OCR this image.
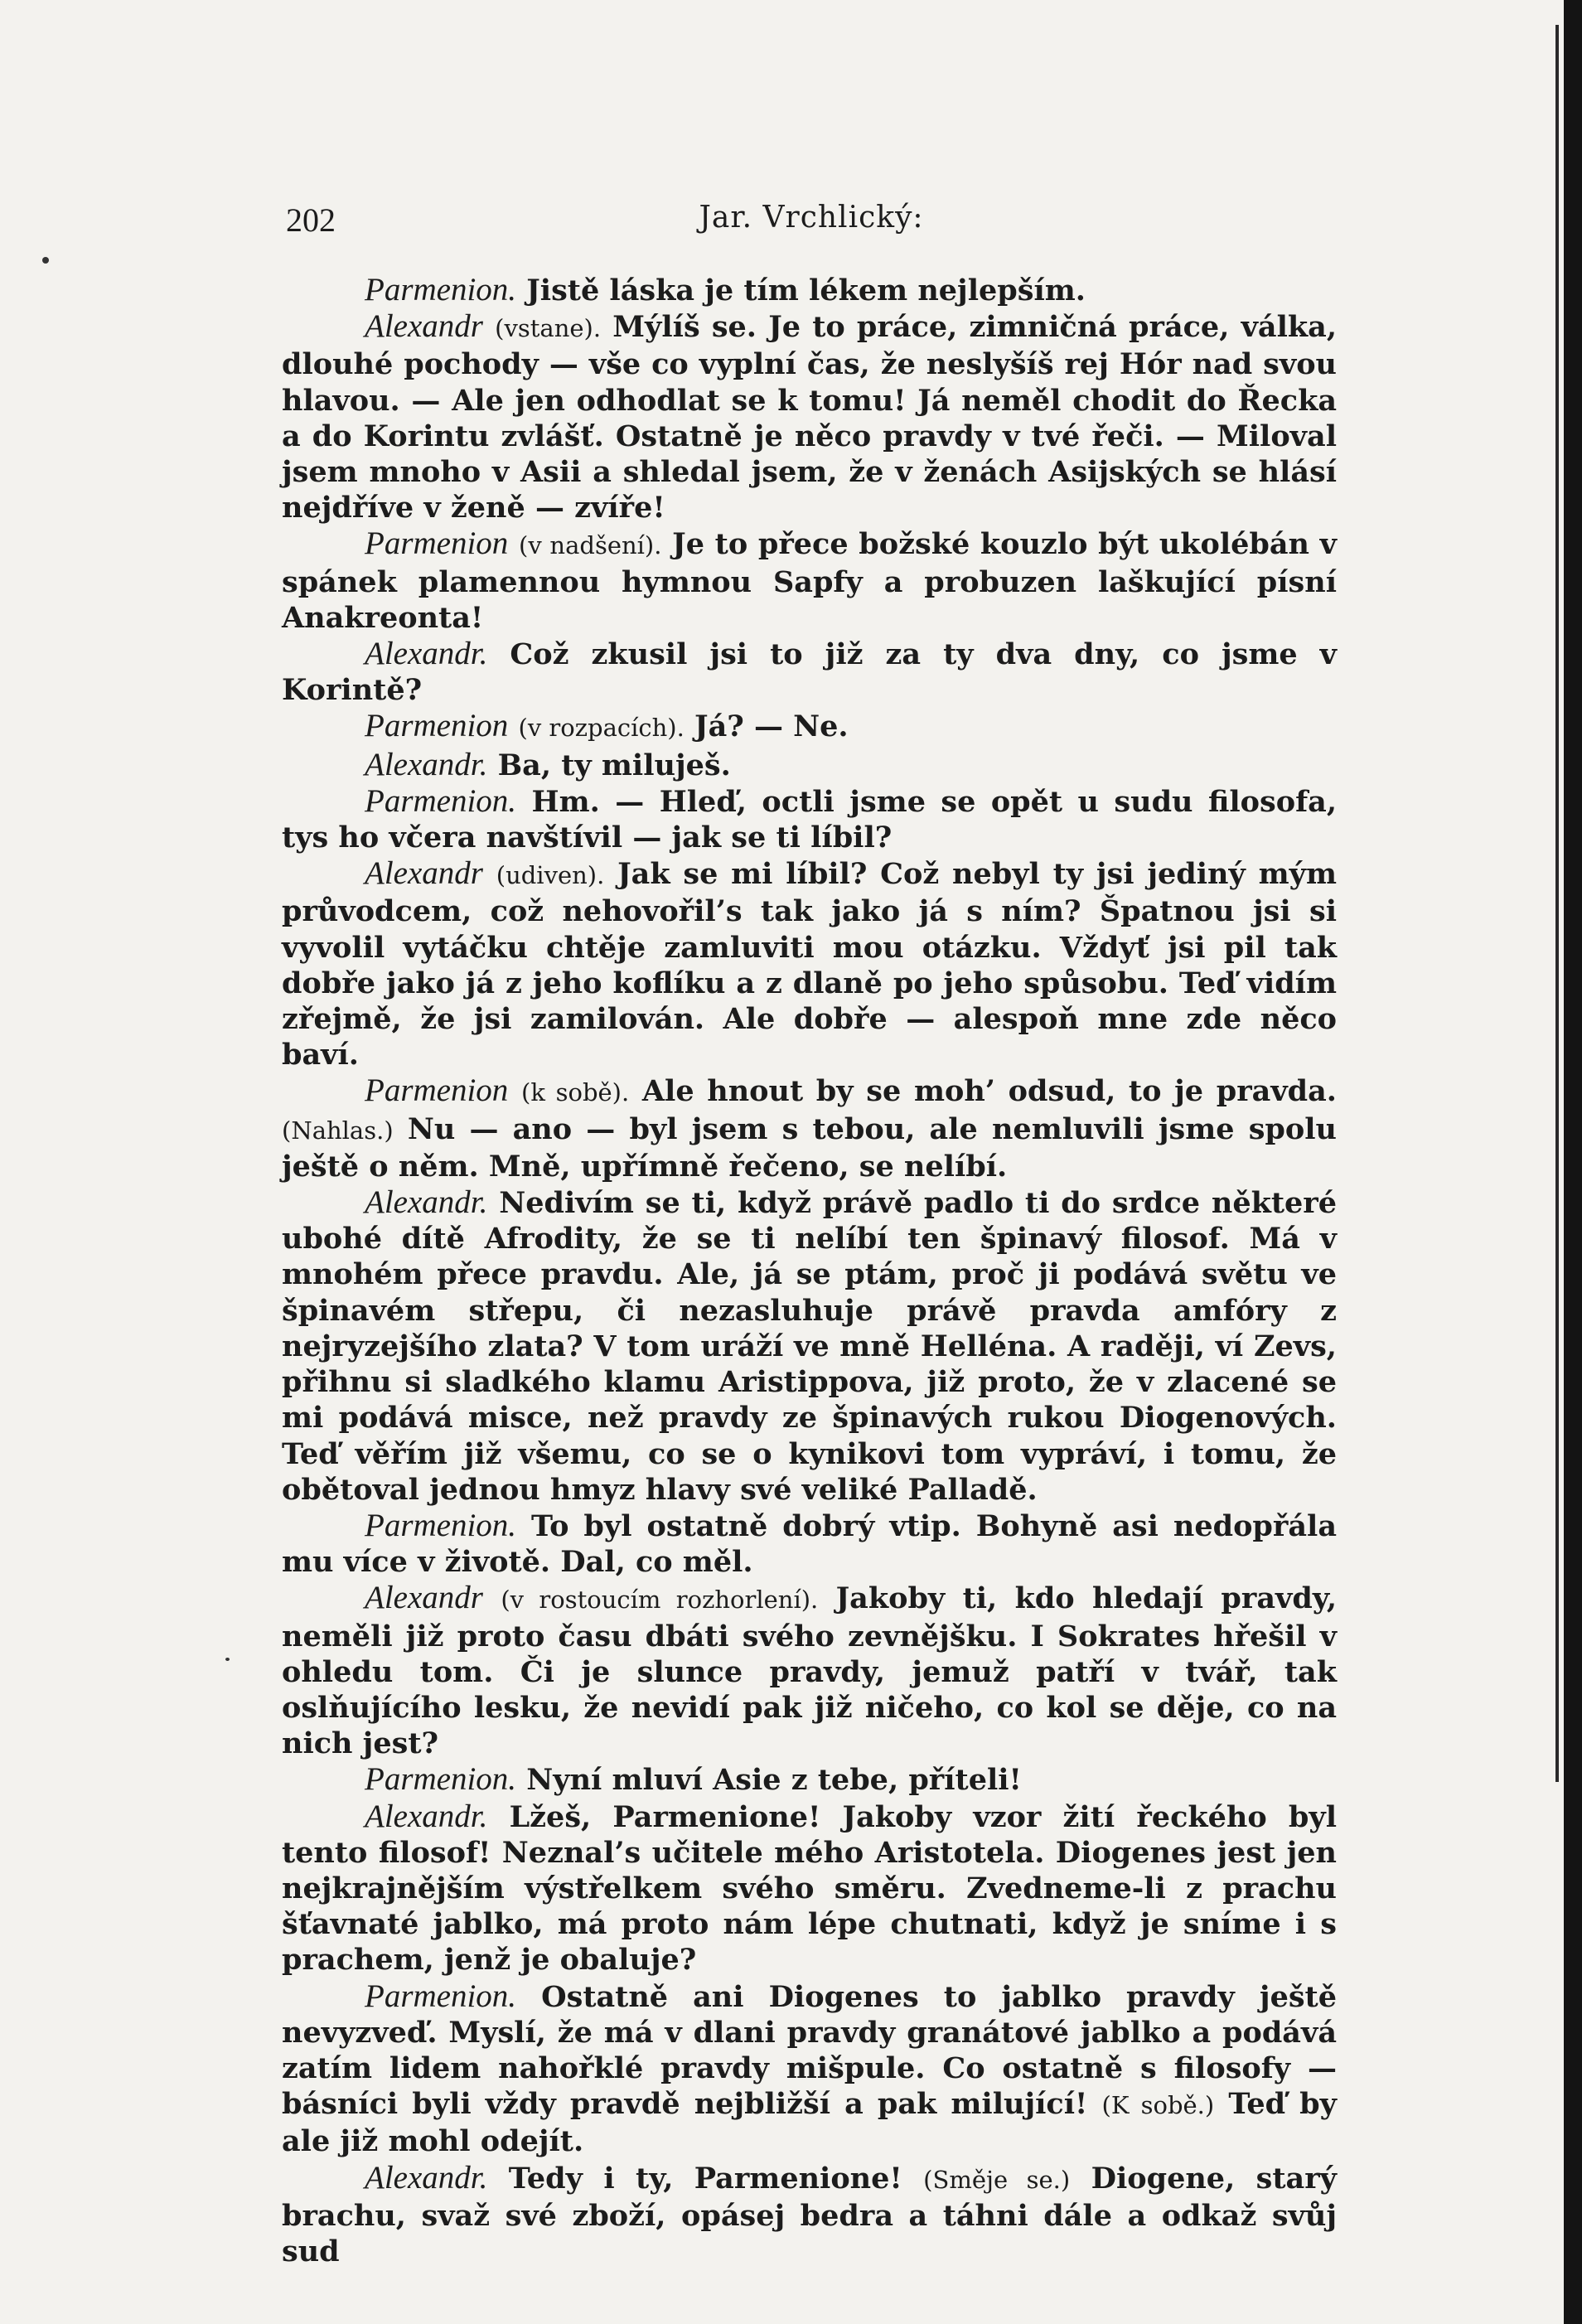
Jar. Vrchlický:
202

Parmenion. Jistě láska je tím lékem nejlepším.

Alexandr (vstane). Mýlíš se. Je to práce, zimničná práce, válka, dlouhé pochody — vše co vyplní čas, že neslyšíš rej Hór nad svou hlavou. — Ale jen odhodlat se k tomu! Já neměl chodit do Řecka a do Korintu zvlášť. Ostatně je něco pravdy v tvé řeči. — Miloval jsem mnoho v Asii a shledal jsem, že v ženách Asijských se hlásí nejdříve v ženě — zvíře!

Parmenion (v nadšení). Je to přece božské kouzlo být ukolébán v spánek plamennou hymnou Sapfy a probuzen laškující písní Anakreonta!

Alexandr. Což zkusil jsi to již za ty dva dny, co jsme v Korintě?

Parmenion (v rozpacích). Já? — Ne.

Alexandr. Ba, ty miluješ.

Parmenion. Hm. — Hleď, octli jsme se opět u sudu filosofa, tys ho včera navštívil — jak se ti líbil?

Alexandr (udiven). Jak se mi líbil? Což nebyl ty jsi jediný mým průvodcem, což nehovořil’s tak jako já s ním? Špatnou jsi si vyvolil vytáčku chtěje zamluviti mou otázku. Vždyť jsi pil tak dobře jako já z jeho koflíku a z dlaně po jeho spůsobu. Teď vidím zřejmě, že jsi zamilován. Ale dobře — alespoň mne zde něco baví.

Parmenion (k sobě). Ale hnout by se moh’ odsud, to je pravda. (Nahlas.) Nu — ano — byl jsem s tebou, ale nemluvili jsme spolu ještě o něm. Mně, upřímně řečeno, se nelíbí.

Alexandr. Nedivím se ti, když právě padlo ti do srdce některé ubohé dítě Afrodity, že se ti nelíbí ten špinavý filosof. Má v mnohém přece pravdu. Ale, já se ptám, proč ji podává světu ve špinavém střepu, či nezasluhuje právě pravda amfóry z nejryzejšího zlata? V tom uráží ve mně Helléna. A raději, ví Zevs, přihnu si sladkého klamu Aristippova, již proto, že v zlacené se mi podává misce, než pravdy ze špinavých rukou Diogenových. Teď věřím již všemu, co se o kynikovi tom vypráví, i tomu, že obětoval jednou hmyz hlavy své veliké Palladě.

Parmenion. To byl ostatně dobrý vtip. Bohyně asi nedopřála mu více v životě. Dal, co měl.

Alexandr (v rostoucím rozhorlení). Jakoby ti, kdo hledají pravdy, neměli již proto času dbáti svého zevnějšku. I Sokrates hřešil v ohledu tom. Či je slunce pravdy, jemuž patří v tvář, tak oslňujícího lesku, že nevidí pak již ničeho, co kol se děje, co na nich jest?

Parmenion. Nyní mluví Asie z tebe, příteli!

Alexandr. Lžeš, Parmenione! Jakoby vzor žití řeckého byl tento filosof! Neznal’s učitele mého Aristotela. Diogenes jest jen nejkrajnějším výstřelkem svého směru. Zvedneme-li z prachu šťavnaté jablko, má proto nám lépe chutnati, když je sníme i s prachem, jenž je obaluje?

Parmenion. Ostatně ani Diogenes to jablko pravdy ještě nevyzveď. Myslí, že má v dlani pravdy granátové jablko a podává zatím lidem nahořklé pravdy mišpule. Co ostatně s filosofy — básníci byli vždy pravdě nejbližší a pak milující! (K sobě.) Teď by ale již mohl odejít.

Alexandr. Tedy i ty, Parmenione! (Směje se.) Diogene, starý brachu, svaž své zboží, opásej bedra a táhni dále a odkaž svůj sud
